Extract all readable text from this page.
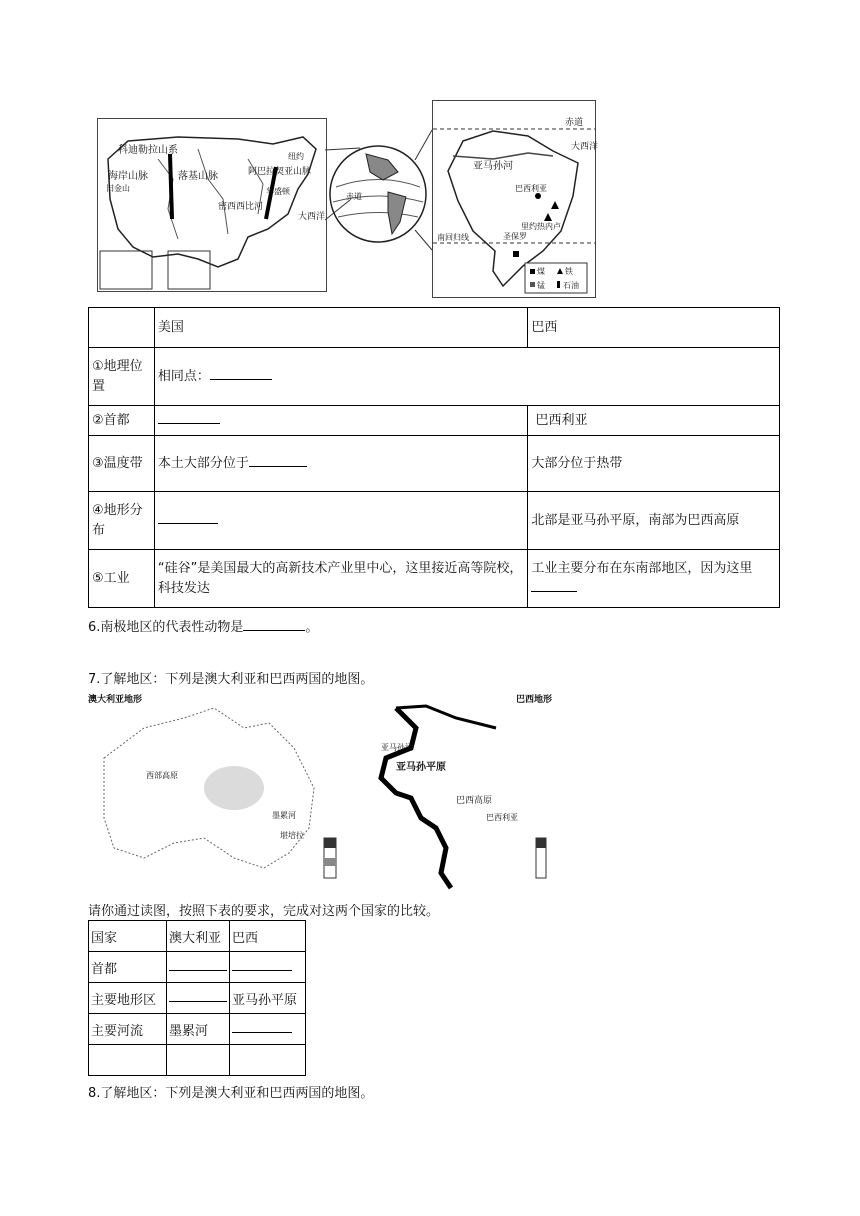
科迪勒拉山系
海岸山脉	落基山脉	阿巴拉契亚山脉
密西西比河
旧金山	华盛顿
纽约
大西洋
赤道
煤	铁
锰 石油
赤道
大西洋
亚马孙河
巴西利亚
里约热内卢
圣保罗
南回归线
	美国	巴西
①地理位置	相同点：	
②首都		巴西利亚
③温度带	本土大部分位于	大部分位于热带
④地形分布		北部是亚马孙平原，南部为巴西高原
⑤工业	“硅谷”是美国最大的高新技术产业里中心，这里接近高等院校，科技发达	工业主要分布在东南部地区，因为这里
6.南极地区的代表性动物是	。
7.了解地区：下列是澳大利亚和巴西两国的地图。
澳大利亚地形
西部高原
墨累河
堪培拉
巴西地形
亚马孙平原
巴西高原
亚马孙河
巴西利亚
请你通过读图，按照下表的要求，完成对这两个国家的比较。
国家	澳大利亚	巴西
首都		
主要地形区		亚马孙平原
主要河流	墨累河	

8.了解地区：下列是澳大利亚和巴西两国的地图。
